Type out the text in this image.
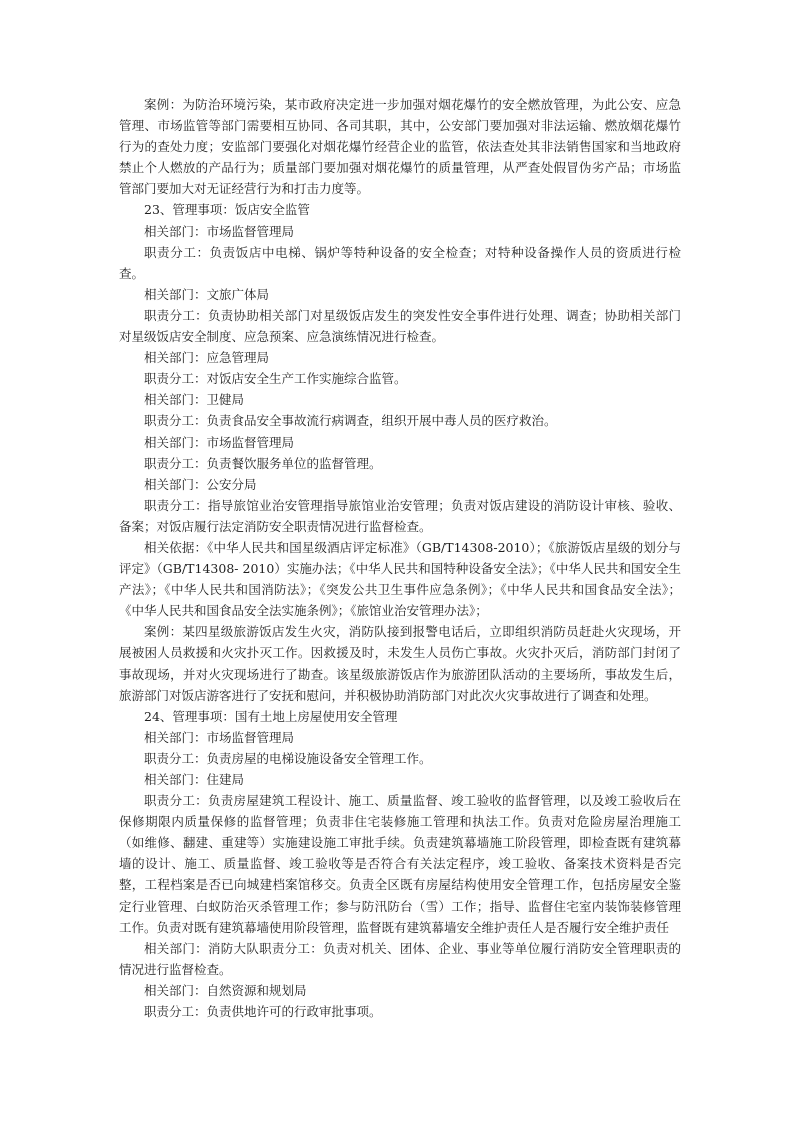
案例：为防治环境污染，某市政府决定进一步加强对烟花爆竹的安全燃放管理，为此公安、应急管理、市场监管等部门需要相互协同、各司其职，其中，公安部门要加强对非法运输、燃放烟花爆竹行为的查处力度；安监部门要强化对烟花爆竹经营企业的监管，依法查处其非法销售国家和当地政府禁止个人燃放的产品行为；质量部门要加强对烟花爆竹的质量管理，从严查处假冒伪劣产品；市场监管部门要加大对无证经营行为和打击力度等。

23、管理事项：饭店安全监管

相关部门：市场监督管理局

职责分工：负责饭店中电梯、锅炉等特种设备的安全检查；对特种设备操作人员的资质进行检查。

相关部门：文旅广体局

职责分工：负责协助相关部门对星级饭店发生的突发性安全事件进行处理、调查；协助相关部门对星级饭店安全制度、应急预案、应急演练情况进行检查。

相关部门：应急管理局

职责分工：对饭店安全生产工作实施综合监管。

相关部门：卫健局

职责分工：负责食品安全事故流行病调查，组织开展中毒人员的医疗救治。

相关部门：市场监督管理局

职责分工：负责餐饮服务单位的监督管理。

相关部门：公安分局

职责分工：指导旅馆业治安管理指导旅馆业治安管理；负责对饭店建设的消防设计审核、验收、备案；对饭店履行法定消防安全职责情况进行监督检查。

相关依据：《中华人民共和国星级酒店评定标准》（GB/T14308-2010）；《旅游饭店星级的划分与评定》（GB/T14308- 2010）实施办法；《中华人民共和国特种设备安全法》；《中华人民共和国安全生产法》；《中华人民共和国消防法》；《突发公共卫生事件应急条例》；《中华人民共和国食品安全法》；《中华人民共和国食品安全法实施条例》；《旅馆业治安管理办法》；

案例：某四星级旅游饭店发生火灾，消防队接到报警电话后，立即组织消防员赶赴火灾现场，开展被困人员救援和火灾扑灭工作。因救援及时，未发生人员伤亡事故。火灾扑灭后，消防部门封闭了事故现场，并对火灾现场进行了勘查。该星级旅游饭店作为旅游团队活动的主要场所，事故发生后，旅游部门对饭店游客进行了安抚和慰问，并积极协助消防部门对此次火灾事故进行了调查和处理。

24、管理事项：国有土地上房屋使用安全管理

相关部门：市场监督管理局

职责分工：负责房屋的电梯设施设备安全管理工作。

相关部门：住建局

职责分工：负责房屋建筑工程设计、施工、质量监督、竣工验收的监督管理，以及竣工验收后在保修期限内质量保修的监督管理；负责非住宅装修施工管理和执法工作。负责对危险房屋治理施工（如维修、翻建、重建等）实施建设施工审批手续。负责建筑幕墙施工阶段管理，即检查既有建筑幕墙的设计、施工、质量监督、竣工验收等是否符合有关法定程序，竣工验收、备案技术资料是否完整，工程档案是否已向城建档案馆移交。负责全区既有房屋结构使用安全管理工作，包括房屋安全鉴定行业管理、白蚁防治灭杀管理工作；参与防汛防台（雪）工作；指导、监督住宅室内装饰装修管理工作。负责对既有建筑幕墙使用阶段管理，监督既有建筑幕墙安全维护责任人是否履行安全维护责任

相关部门：消防大队职责分工：负责对机关、团体、企业、事业等单位履行消防安全管理职责的情况进行监督检查。

相关部门：自然资源和规划局

职责分工：负责供地许可的行政审批事项。
